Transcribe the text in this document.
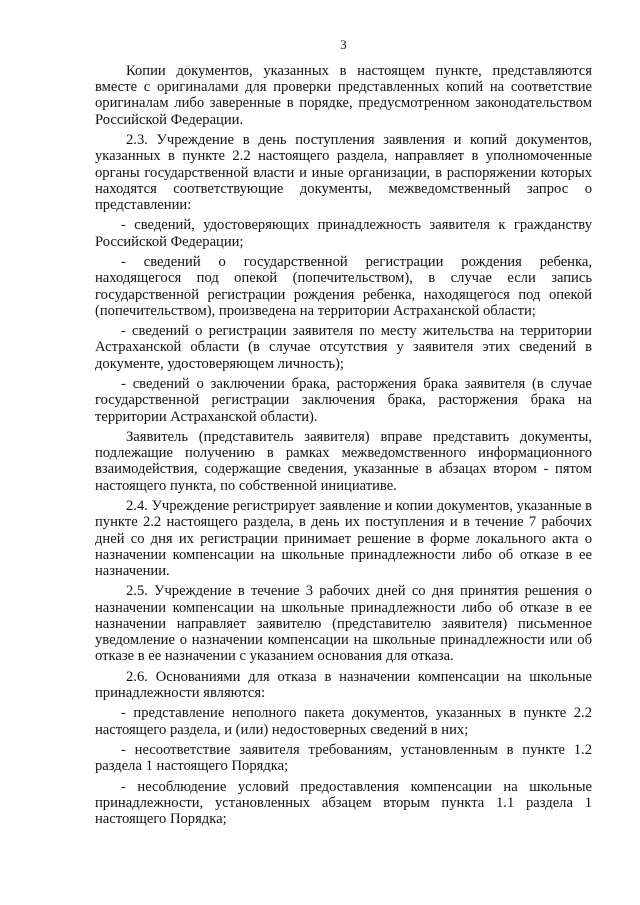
3

Копии документов, указанных в настоящем пункте, представляются вместе с оригиналами для проверки представленных копий на соответствие оригиналам либо заверенные в порядке, предусмотренном законодательством Российской Федерации.

2.3. Учреждение в день поступления заявления и копий документов, указанных в пункте 2.2 настоящего раздела, направляет в уполномоченные органы государственной власти и иные организации, в распоряжении которых находятся соответствующие документы, межведомственный запрос о представлении:

- сведений, удостоверяющих принадлежность заявителя к гражданству Российской Федерации;

- сведений о государственной регистрации рождения ребенка, находящегося под опекой (попечительством), в случае если запись государственной регистрации рождения ребенка, находящегося под опекой (попечительством), произведена на территории Астраханской области;

- сведений о регистрации заявителя по месту жительства на территории Астраханской области (в случае отсутствия у заявителя этих сведений в документе, удостоверяющем личность);

- сведений о заключении брака, расторжения брака заявителя (в случае государственной регистрации заключения брака, расторжения брака на территории Астраханской области).

Заявитель (представитель заявителя) вправе представить документы, подлежащие получению в рамках межведомственного информационного взаимодействия, содержащие сведения, указанные в абзацах втором - пятом настоящего пункта, по собственной инициативе.

2.4. Учреждение регистрирует заявление и копии документов, указанные в пункте 2.2 настоящего раздела, в день их поступления и в течение 7 рабочих дней со дня их регистрации принимает решение в форме локального акта о назначении компенсации на школьные принадлежности либо об отказе в ее назначении.

2.5. Учреждение в течение 3 рабочих дней со дня принятия решения о назначении компенсации на школьные принадлежности либо об отказе в ее назначении направляет заявителю (представителю заявителя) письменное уведомление о назначении компенсации на школьные принадлежности или об отказе в ее назначении с указанием основания для отказа.

2.6. Основаниями для отказа в назначении компенсации на школьные принадлежности являются:

- представление неполного пакета документов, указанных в пункте 2.2 настоящего раздела, и (или) недостоверных сведений в них;

- несоответствие заявителя требованиям, установленным в пункте 1.2 раздела 1 настоящего Порядка;

- несоблюдение условий предоставления компенсации на школьные принадлежности, установленных абзацем вторым пункта 1.1 раздела 1 настоящего Порядка;
